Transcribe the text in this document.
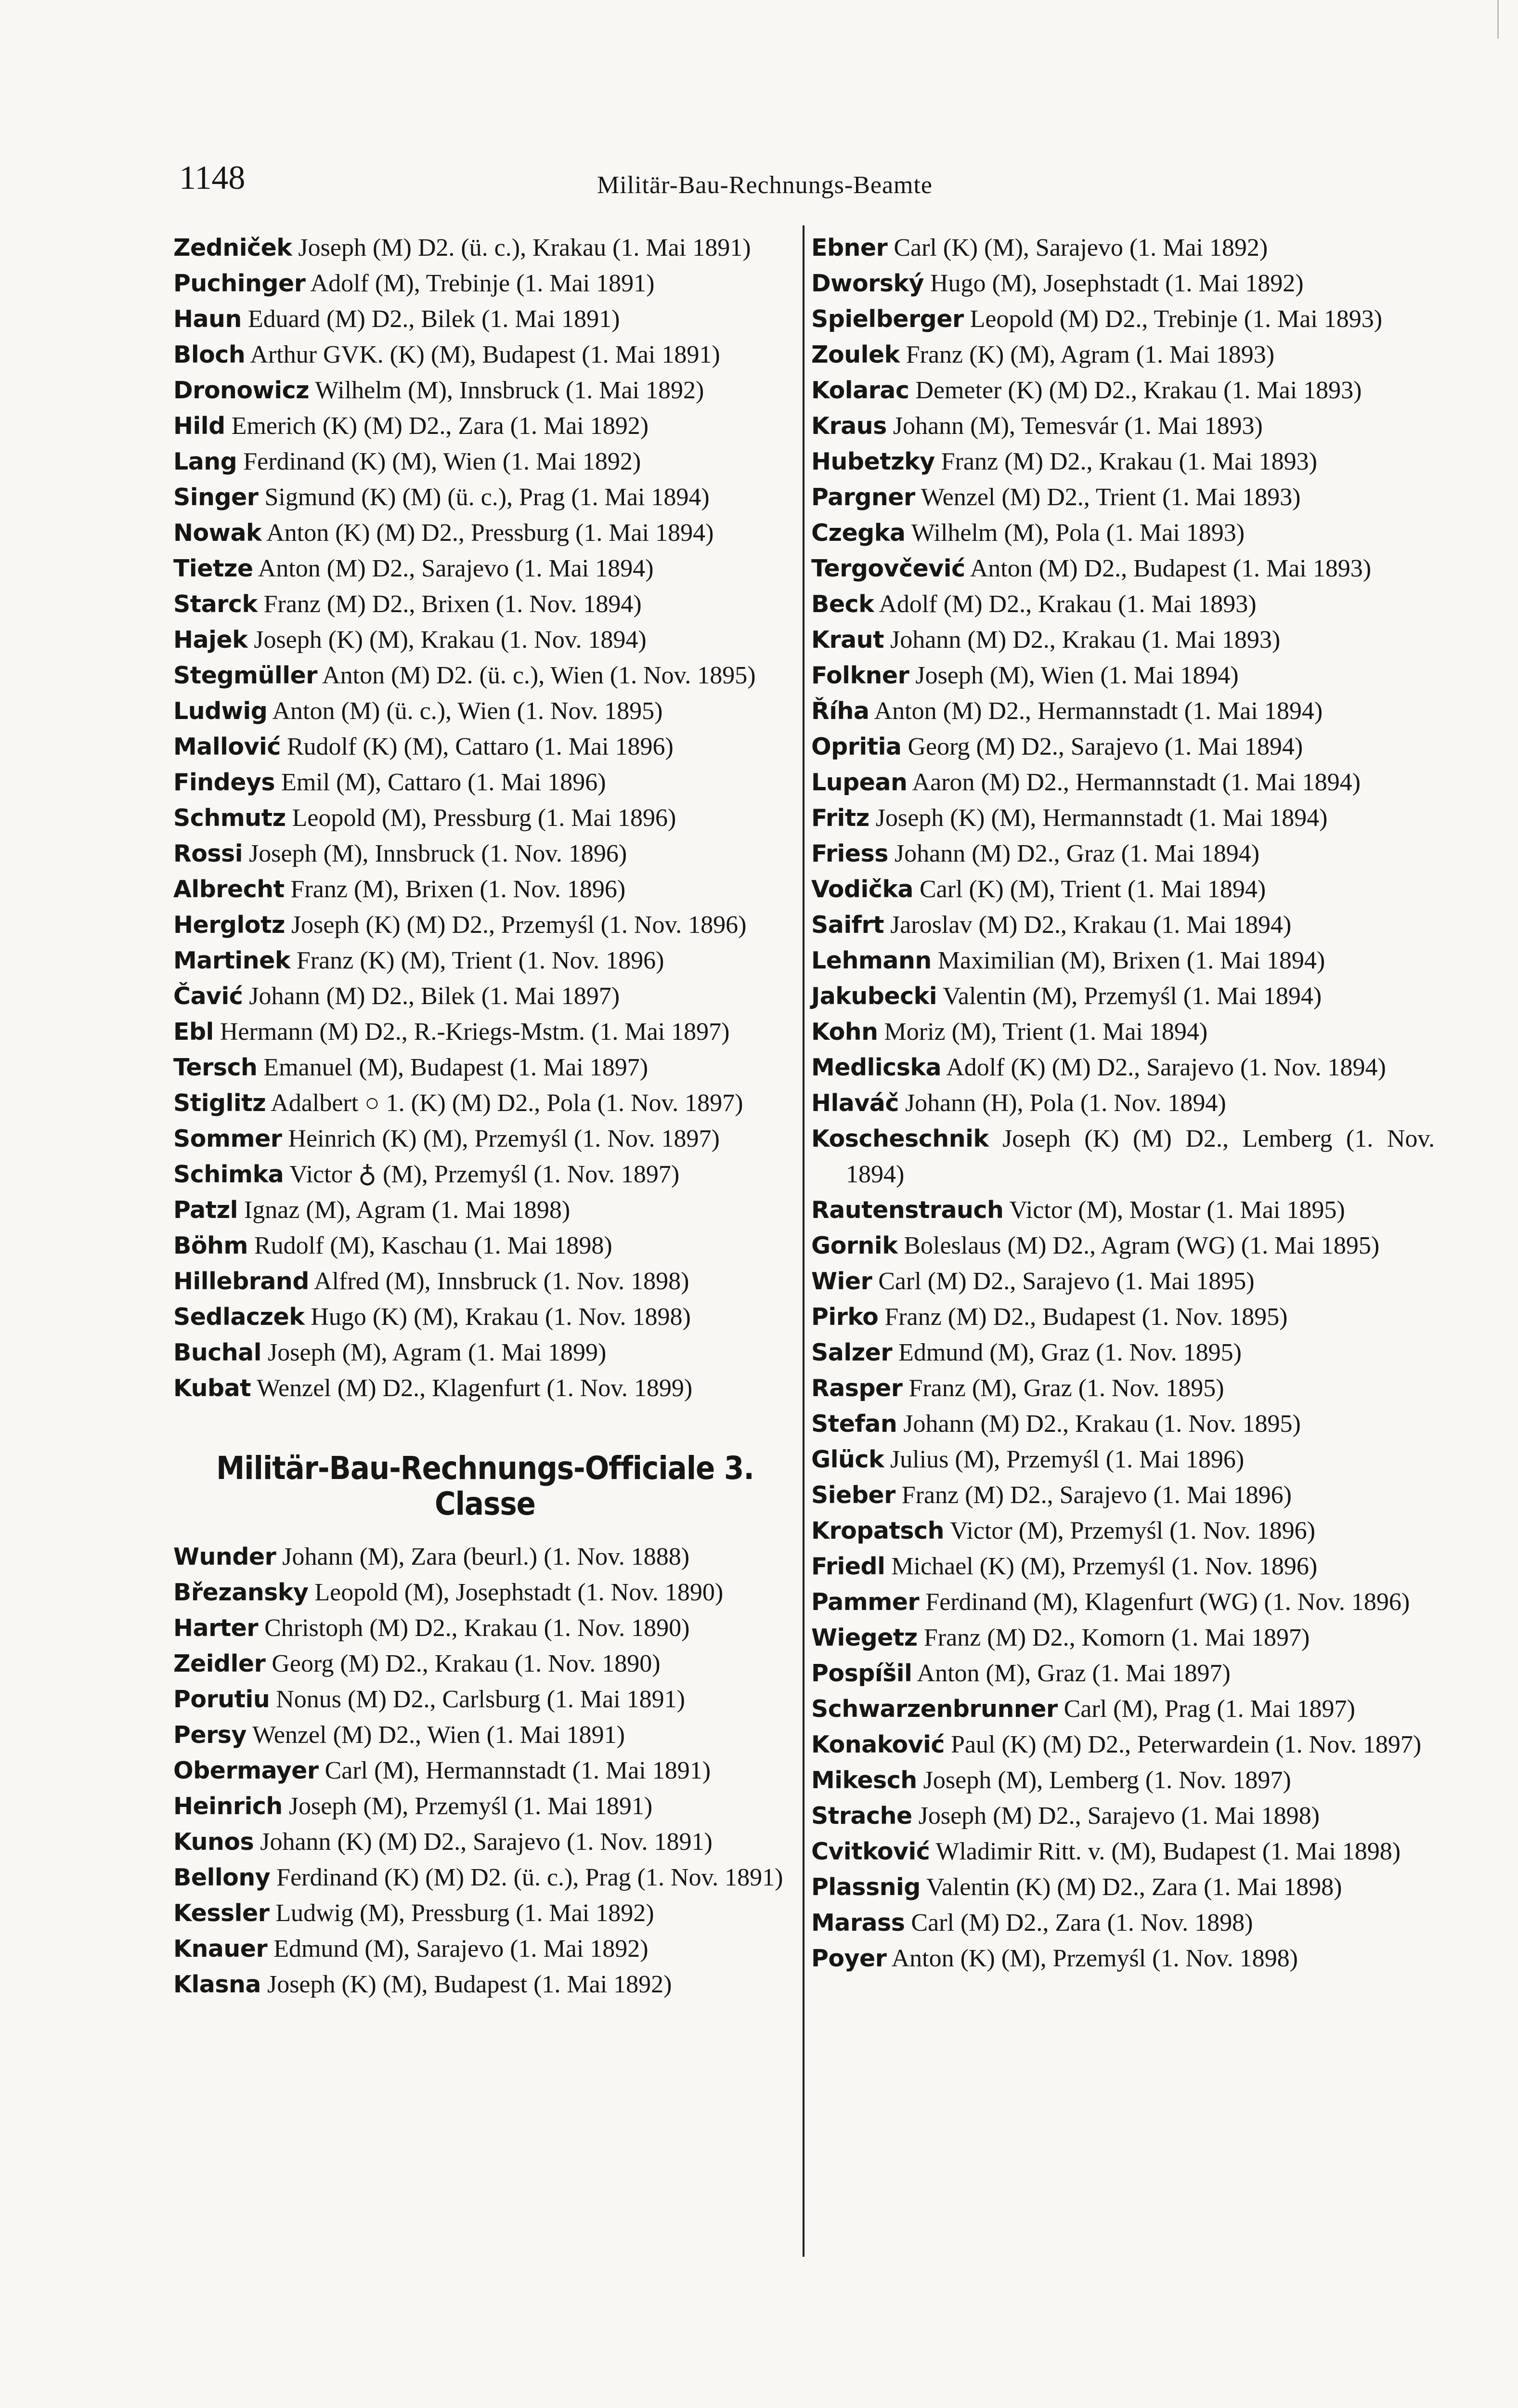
1148	Militär-Bau-Rechnungs-Beamte
Zedniček Joseph (M) D2. (ü. c.), Krakau (1. Mai 1891)
Puchinger Adolf (M), Trebinje (1. Mai 1891)
Haun Eduard (M) D2., Bilek (1. Mai 1891)
Bloch Arthur GVK. (K) (M), Budapest (1. Mai 1891)
Dronowicz Wilhelm (M), Innsbruck (1. Mai 1892)
Hild Emerich (K) (M) D2., Zara (1. Mai 1892)
Lang Ferdinand (K) (M), Wien (1. Mai 1892)
Singer Sigmund (K) (M) (ü. c.), Prag (1. Mai 1894)
Nowak Anton (K) (M) D2., Pressburg (1. Mai 1894)
Tietze Anton (M) D2., Sarajevo (1. Mai 1894)
Starck Franz (M) D2., Brixen (1. Nov. 1894)
Hajek Joseph (K) (M), Krakau (1. Nov. 1894)
Stegmüller Anton (M) D2. (ü. c.), Wien (1. Nov. 1895)
Ludwig Anton (M) (ü. c.), Wien (1. Nov. 1895)
Mallović Rudolf (K) (M), Cattaro (1. Mai 1896)
Findeys Emil (M), Cattaro (1. Mai 1896)
Schmutz Leopold (M), Pressburg (1. Mai 1896)
Rossi Joseph (M), Innsbruck (1. Nov. 1896)
Albrecht Franz (M), Brixen (1. Nov. 1896)
Herglotz Joseph (K) (M) D2., Przemyśl (1. Nov. 1896)
Martinek Franz (K) (M), Trient (1. Nov. 1896)
Čavić Johann (M) D2., Bilek (1. Mai 1897)
Ebl Hermann (M) D2., R.-Kriegs-Mstm. (1. Mai 1897)
Tersch Emanuel (M), Budapest (1. Mai 1897)
Stiglitz Adalbert ○ 1. (K) (M) D2., Pola (1. Nov. 1897)
Sommer Heinrich (K) (M), Przemyśl (1. Nov. 1897)
Schimka Victor ♁ (M), Przemyśl (1. Nov. 1897)
Patzl Ignaz (M), Agram (1. Mai 1898)
Böhm Rudolf (M), Kaschau (1. Mai 1898)
Hillebrand Alfred (M), Innsbruck (1. Nov. 1898)
Sedlaczek Hugo (K) (M), Krakau (1. Nov. 1898)
Buchal Joseph (M), Agram (1. Mai 1899)
Kubat Wenzel (M) D2., Klagenfurt (1. Nov. 1899)
Militär-Bau-Rechnungs-Officiale 3. Classe
Wunder Johann (M), Zara (beurl.) (1. Nov. 1888)
Březansky Leopold (M), Josephstadt (1. Nov. 1890)
Harter Christoph (M) D2., Krakau (1. Nov. 1890)
Zeidler Georg (M) D2., Krakau (1. Nov. 1890)
Porutiu Nonus (M) D2., Carlsburg (1. Mai 1891)
Persy Wenzel (M) D2., Wien (1. Mai 1891)
Obermayer Carl (M), Hermannstadt (1. Mai 1891)
Heinrich Joseph (M), Przemyśl (1. Mai 1891)
Kunos Johann (K) (M) D2., Sarajevo (1. Nov. 1891)
Bellony Ferdinand (K) (M) D2. (ü. c.), Prag (1. Nov. 1891)
Kessler Ludwig (M), Pressburg (1. Mai 1892)
Knauer Edmund (M), Sarajevo (1. Mai 1892)
Klasna Joseph (K) (M), Budapest (1. Mai 1892)
Ebner Carl (K) (M), Sarajevo (1. Mai 1892)
Dworský Hugo (M), Josephstadt (1. Mai 1892)
Spielberger Leopold (M) D2., Trebinje (1. Mai 1893)
Zoulek Franz (K) (M), Agram (1. Mai 1893)
Kolarac Demeter (K) (M) D2., Krakau (1. Mai 1893)
Kraus Johann (M), Temesvár (1. Mai 1893)
Hubetzky Franz (M) D2., Krakau (1. Mai 1893)
Pargner Wenzel (M) D2., Trient (1. Mai 1893)
Czegka Wilhelm (M), Pola (1. Mai 1893)
Tergovčević Anton (M) D2., Budapest (1. Mai 1893)
Beck Adolf (M) D2., Krakau (1. Mai 1893)
Kraut Johann (M) D2., Krakau (1. Mai 1893)
Folkner Joseph (M), Wien (1. Mai 1894)
Říha Anton (M) D2., Hermannstadt (1. Mai 1894)
Opritia Georg (M) D2., Sarajevo (1. Mai 1894)
Lupean Aaron (M) D2., Hermannstadt (1. Mai 1894)
Fritz Joseph (K) (M), Hermannstadt (1. Mai 1894)
Friess Johann (M) D2., Graz (1. Mai 1894)
Vodička Carl (K) (M), Trient (1. Mai 1894)
Saifrt Jaroslav (M) D2., Krakau (1. Mai 1894)
Lehmann Maximilian (M), Brixen (1. Mai 1894)
Jakubecki Valentin (M), Przemyśl (1. Mai 1894)
Kohn Moriz (M), Trient (1. Mai 1894)
Medlicska Adolf (K) (M) D2., Sarajevo (1. Nov. 1894)
Hlaváč Johann (H), Pola (1. Nov. 1894)
Koscheschnik Joseph (K) (M) D2., Lemberg (1. Nov. 1894)
Rautenstrauch Victor (M), Mostar (1. Mai 1895)
Gornik Boleslaus (M) D2., Agram (WG) (1. Mai 1895)
Wier Carl (M) D2., Sarajevo (1. Mai 1895)
Pirko Franz (M) D2., Budapest (1. Nov. 1895)
Salzer Edmund (M), Graz (1. Nov. 1895)
Rasper Franz (M), Graz (1. Nov. 1895)
Stefan Johann (M) D2., Krakau (1. Nov. 1895)
Glück Julius (M), Przemyśl (1. Mai 1896)
Sieber Franz (M) D2., Sarajevo (1. Mai 1896)
Kropatsch Victor (M), Przemyśl (1. Nov. 1896)
Friedl Michael (K) (M), Przemyśl (1. Nov. 1896)
Pammer Ferdinand (M), Klagenfurt (WG) (1. Nov. 1896)
Wiegetz Franz (M) D2., Komorn (1. Mai 1897)
Pospíšil Anton (M), Graz (1. Mai 1897)
Schwarzenbrunner Carl (M), Prag (1. Mai 1897)
Konaković Paul (K) (M) D2., Peterwardein (1. Nov. 1897)
Mikesch Joseph (M), Lemberg (1. Nov. 1897)
Strache Joseph (M) D2., Sarajevo (1. Mai 1898)
Cvitković Wladimir Ritt. v. (M), Budapest (1. Mai 1898)
Plassnig Valentin (K) (M) D2., Zara (1. Mai 1898)
Marass Carl (M) D2., Zara (1. Nov. 1898)
Poyer Anton (K) (M), Przemyśl (1. Nov. 1898)
